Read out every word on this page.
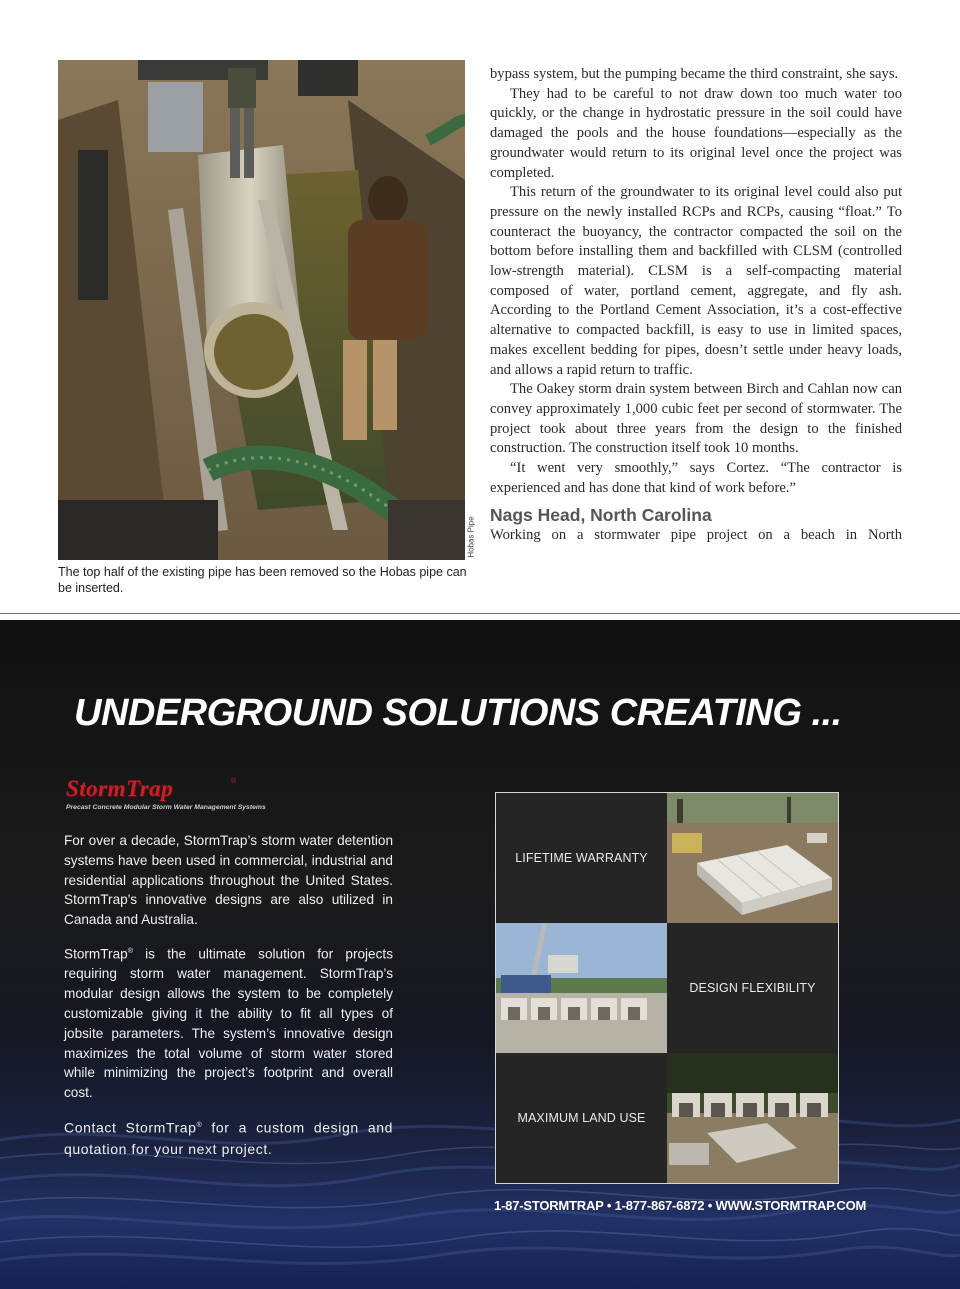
Hobas Pipe

The top half of the existing pipe has been removed so the Hobas pipe can be inserted.

bypass system, but the pumping became the third constraint, she says.

They had to be careful to not draw down too much water too quickly, or the change in hydrostatic pressure in the soil could have damaged the pools and the house foundations—especially as the groundwater would return to its original level once the project was completed.

This return of the groundwater to its original level could also put pressure on the newly installed RCPs and RCPs, causing “float.” To counteract the buoyancy, the contractor compacted the soil on the bottom before installing them and backfilled with CLSM (controlled low-strength material). CLSM is a self-compacting material composed of water, portland cement, aggregate, and fly ash. According to the Portland Cement Association, it’s a cost-effective alternative to compacted backfill, is easy to use in limited spaces, makes excellent bedding for pipes, doesn’t settle under heavy loads, and allows a rapid return to traffic.

The Oakey storm drain system between Birch and Cahlan now can convey approximately 1,000 cubic feet per second of stormwater. The project took about three years from the design to the finished construction. The construction itself took 10 months.

“It went very smoothly,” says Cortez. “The contractor is experienced and has done that kind of work before.”

Nags Head, North Carolina

Working on a stormwater pipe project on a beach in North

UNDERGROUND SOLUTIONS CREATING ...
StormTrap	®
Precast Concrete Modular Storm Water Management Systems

For over a decade, StormTrap’s storm water detention systems have been used in commercial, industrial and residential applications throughout the United States. StormTrap's innovative designs are also utilized in Canada and Australia.

StormTrap® is the ultimate solution for projects requiring storm water management. StormTrap’s modular design allows the system to be completely customizable giving it the ability to fit all types of jobsite parameters. The system’s innovative design maximizes the total volume of storm water stored while minimizing the project’s footprint and overall cost.

Contact StormTrap® for a custom design and quotation for your next project.

LIFETIME WARRANTY
DESIGN FLEXIBILITY
MAXIMUM LAND USE

1-87-STORMTRAP • 1-877-867-6872 • WWW.STORMTRAP.COM
